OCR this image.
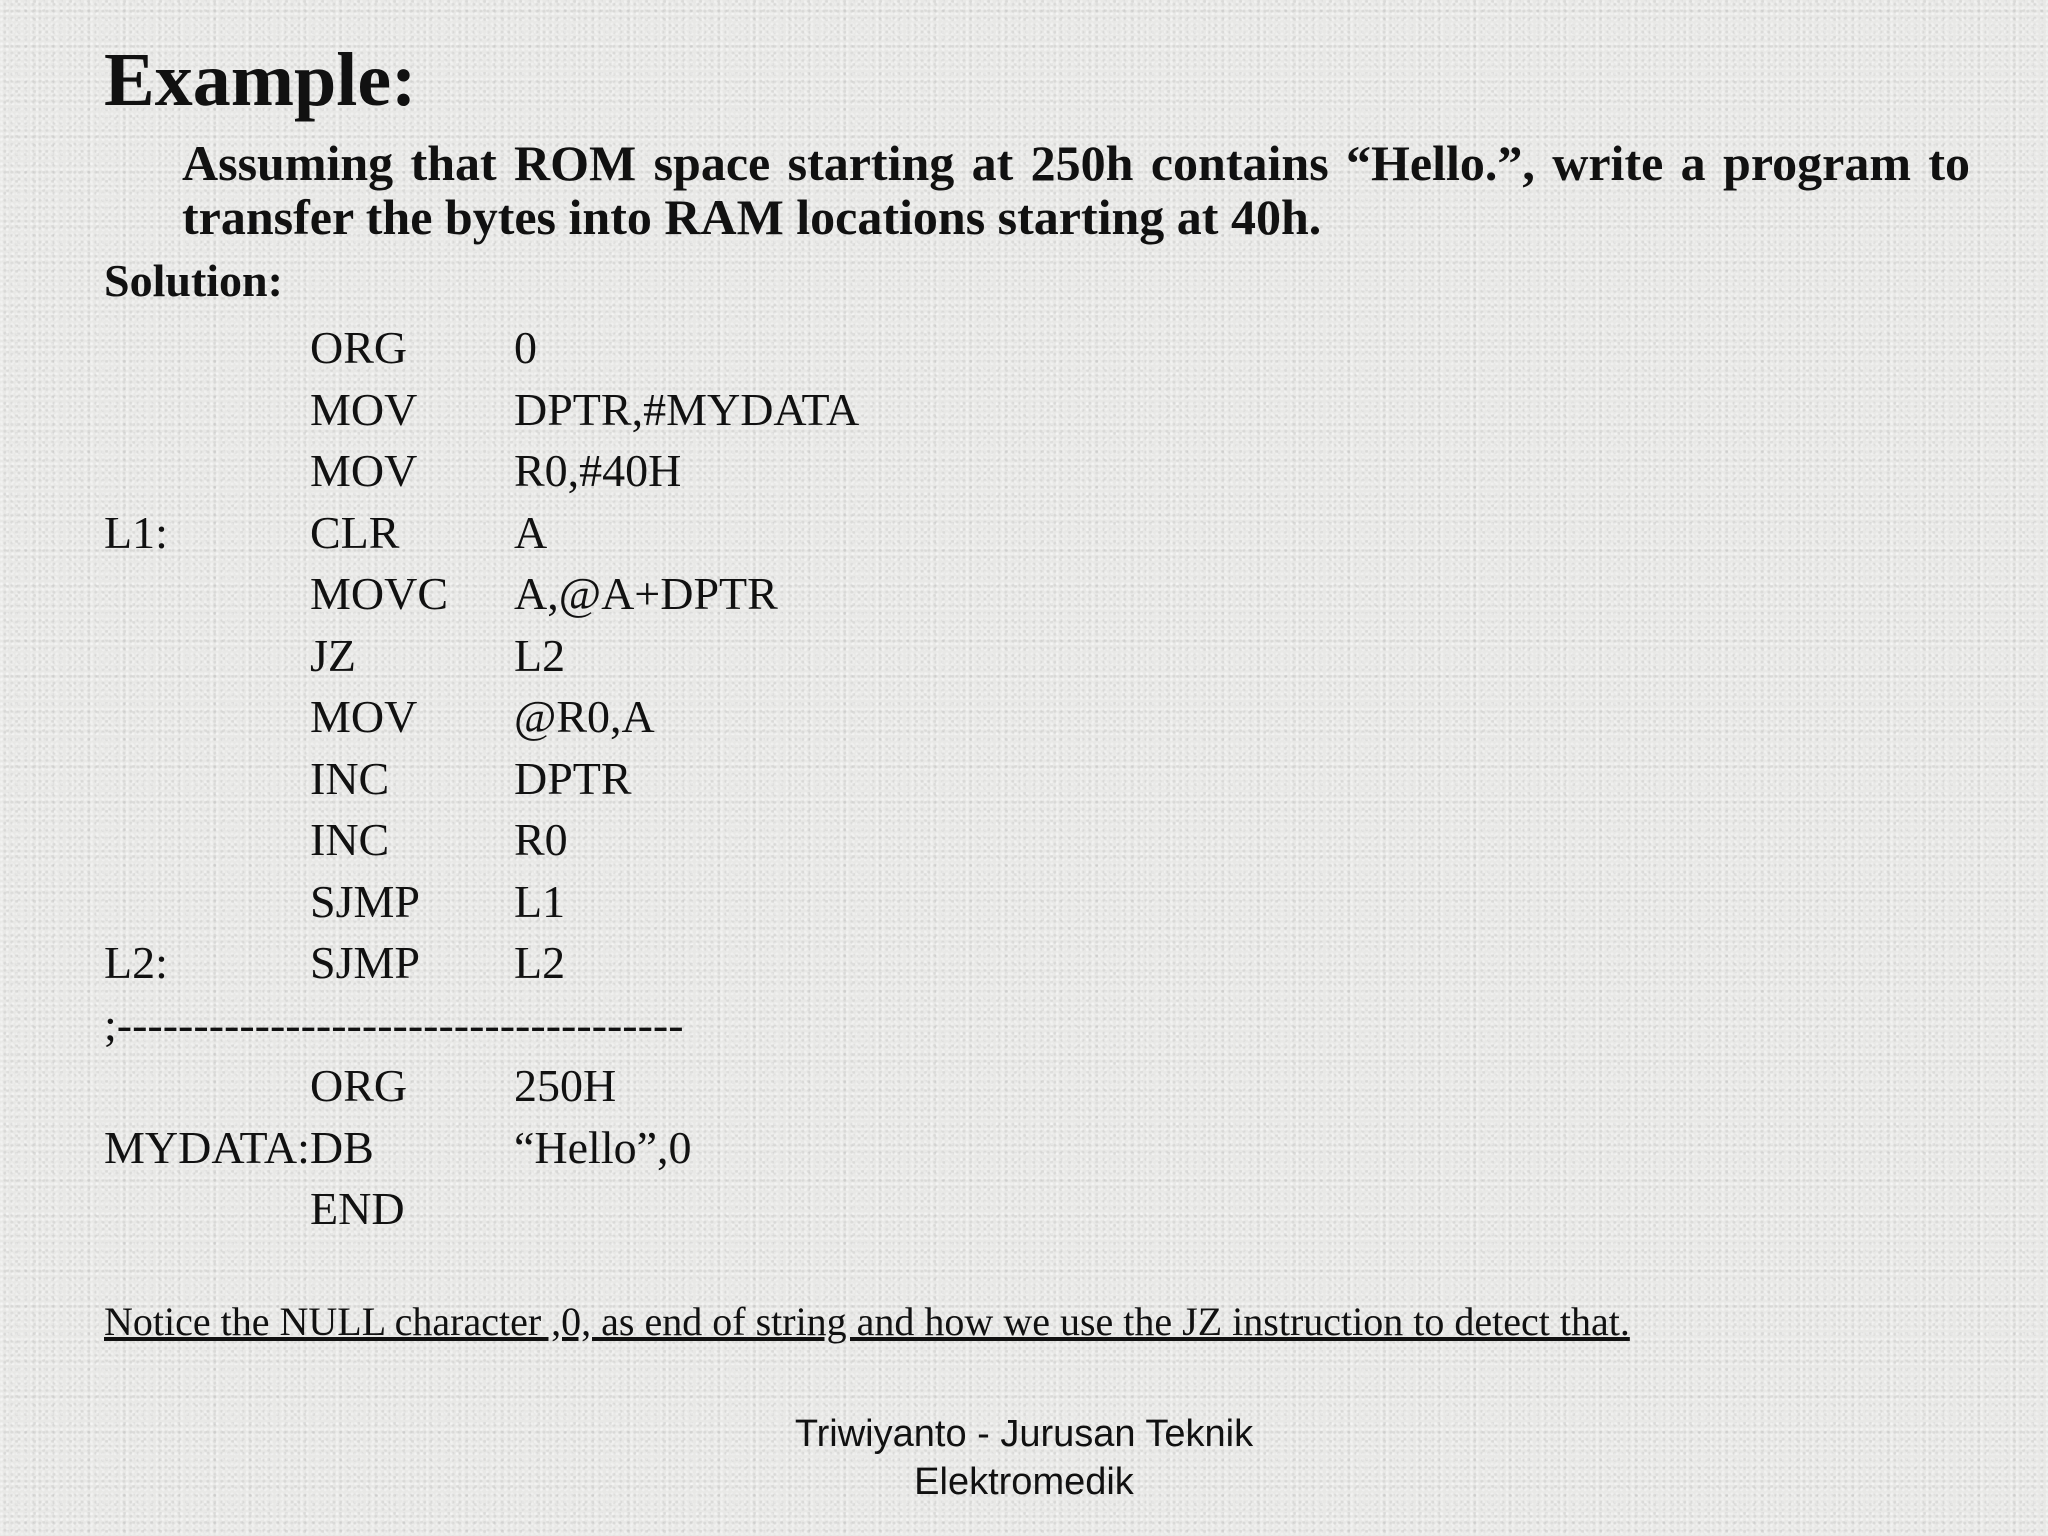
Example:
Assuming that ROM space starting at 250h contains “Hello.”, write a program to transfer the bytes into RAM locations starting at 40h.
Solution:
ORG 0
MOV DPTR,#MYDATA
MOV R0,#40H
L1:	CLR A
MOVC A,@A+DPTR
JZ	L2
MOV @R0,A
INC	DPTR
INC	R0
SJMP L1
L2:	SJMP L2
;-------------------------------------
ORG 250H
MYDATA:DB	“Hello”,0
END
Notice the NULL character ,0, as end of string and how we use the JZ instruction to detect that.
Triwiyanto - Jurusan Teknik
Elektromedik
